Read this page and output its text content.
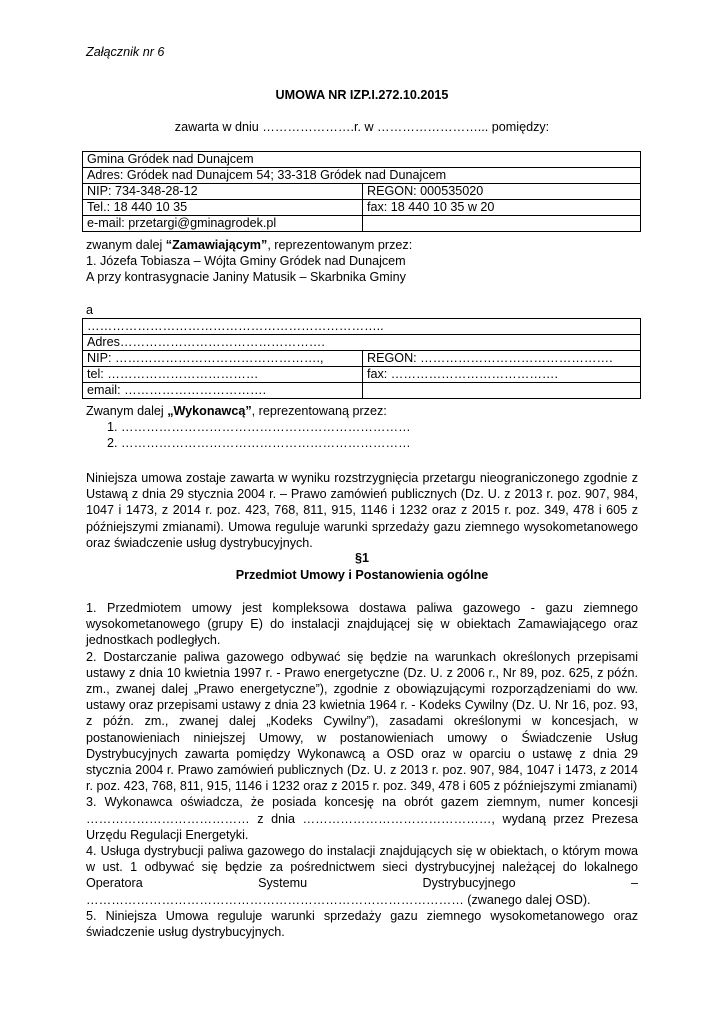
Załącznik nr 6
UMOWA NR IZP.I.272.10.2015
zawarta w dniu ………………….r. w ……………………... pomiędzy:
Gmina Gródek nad Dunajcem	
Adres: Gródek nad Dunajcem 54; 33-318 Gródek nad Dunajcem	
NIP: 734-348-28-12	REGON: 000535020
Tel.: 18 440 10 35	fax: 18 440 10 35 w 20
e-mail: przetargi@gminagrodek.pl	
zwanym dalej “Zamawiającym”, reprezentowanym przez:
1. Józefa Tobiasza – Wójta Gminy Gródek nad Dunajcem
A przy kontrasygnacie Janiny Matusik – Skarbnika Gminy
a
……………………………………………………………..	
Adres………………………………………….	
NIP: ………………………………………….,	REGON: ……………………………………….
tel: ………………………………	fax: ………………………………….
email: …………………………….	
Zwanym dalej „Wykonawcą”, reprezentowaną przez:
1. ……………………………………………………………
2. ……………………………………………………………

Niniejsza umowa zostaje zawarta w wyniku rozstrzygnięcia przetargu nieograniczonego zgodnie z Ustawą z dnia 29 stycznia 2004 r. – Prawo zamówień publicznych (Dz. U. z 2013 r. poz. 907, 984, 1047 i 1473, z 2014 r. poz. 423, 768, 811, 915, 1146 i 1232 oraz z 2015 r. poz. 349, 478 i 605 z późniejszymi zmianami). Umowa reguluje warunki sprzedaży gazu ziemnego wysokometanowego oraz świadczenie usług dystrybucyjnych.

§1
Przedmiot Umowy i Postanowienia ogólne

1. Przedmiotem umowy jest kompleksowa dostawa paliwa gazowego - gazu ziemnego wysokometanowego (grupy E) do instalacji znajdującej się w obiektach Zamawiającego oraz jednostkach podległych.

2. Dostarczanie paliwa gazowego odbywać się będzie na warunkach określonych przepisami ustawy z dnia 10 kwietnia 1997 r. - Prawo energetyczne (Dz. U. z 2006 r., Nr 89, poz. 625, z późn. zm., zwanej dalej „Prawo energetyczne”), zgodnie z obowiązującymi rozporządzeniami do ww. ustawy oraz przepisami ustawy z dnia 23 kwietnia 1964 r. - Kodeks Cywilny (Dz. U. Nr 16, poz. 93, z późn. zm., zwanej dalej „Kodeks Cywilny”), zasadami określonymi w koncesjach, w postanowieniach niniejszej Umowy, w postanowieniach umowy o Świadczenie Usług Dystrybucyjnych zawarta pomiędzy Wykonawcą a OSD oraz w oparciu o ustawę z dnia 29 stycznia 2004 r. Prawo zamówień publicznych (Dz. U. z 2013 r. poz. 907, 984, 1047 i 1473, z 2014 r. poz. 423, 768, 811, 915, 1146 i 1232 oraz z 2015 r. poz. 349, 478 i 605 z późniejszymi zmianami)

3. Wykonawca oświadcza, że posiada koncesję na obrót gazem ziemnym, numer koncesji ………………………………… z dnia ………………………………………, wydaną przez Prezesa Urzędu Regulacji Energetyki.

4. Usługa dystrybucji paliwa gazowego do instalacji znajdujących się w obiektach, o którym mowa w ust. 1 odbywać się będzie za pośrednictwem sieci dystrybucyjnej należącej do lokalnego Operatora Systemu Dystrybucyjnego – ……………………………………………………………………………… (zwanego dalej OSD).

5. Niniejsza Umowa reguluje warunki sprzedaży gazu ziemnego wysokometanowego oraz świadczenie usług dystrybucyjnych.
